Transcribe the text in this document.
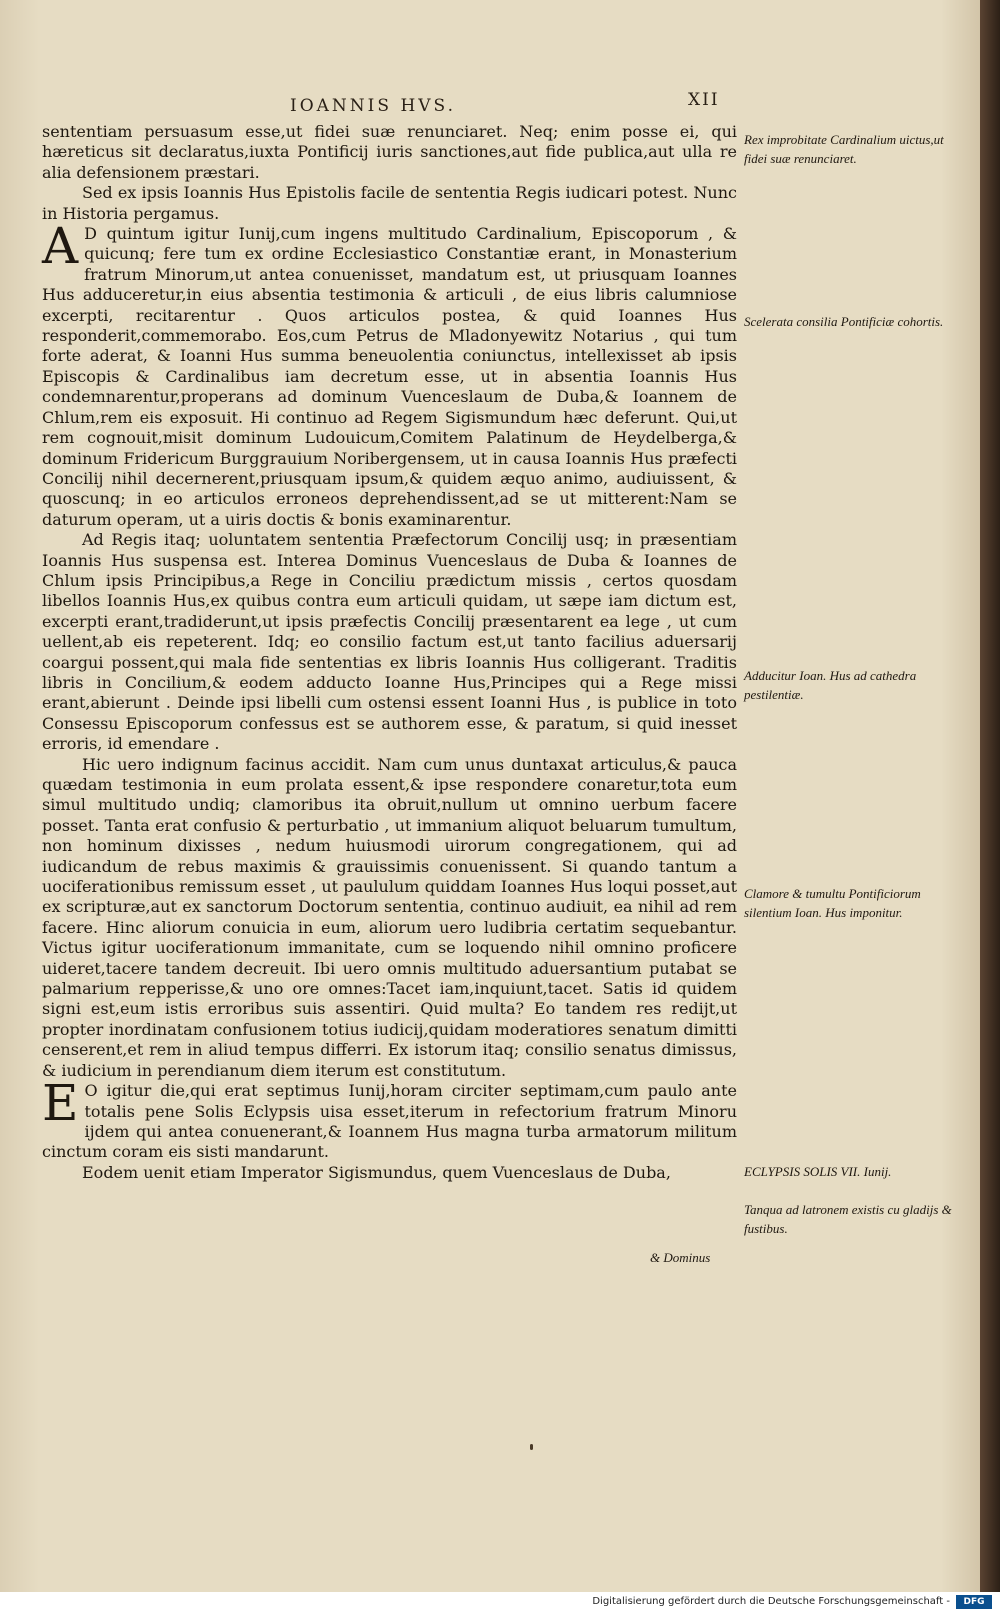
IOANNIS HVS.	XII

sententiam persuasum esse,ut fidei suæ renunciaret. Neq; enim posse ei, qui hæreticus sit declaratus,iuxta Pontificij iuris sanctiones,aut fide publica,aut ulla re alia defensionem præstari.

Sed ex ipsis Ioannis Hus Epistolis facile de sententia Regis iudicari potest. Nunc in Historia pergamus.

AD quintum igitur Iunij,cum ingens multitudo Cardinalium, Episcoporum , & quicunq; fere tum ex ordine Ecclesiastico Constantiæ erant, in Monasterium fratrum Minorum,ut antea conuenisset, mandatum est, ut priusquam Ioannes Hus adduceretur,in eius absentia testimonia & articuli , de eius libris calumniose excerpti, recitarentur . Quos articulos postea, & quid Ioannes Hus responderit,commemorabo. Eos,cum Petrus de Mladonyewitz Notarius , qui tum forte aderat, & Ioanni Hus summa beneuolentia coniunctus, intellexisset ab ipsis Episcopis & Cardinalibus iam decretum esse, ut in absentia Ioannis Hus condemnarentur,properans ad dominum Vuenceslaum de Duba,& Ioannem de Chlum,rem eis exposuit. Hi continuo ad Regem Sigismundum hæc deferunt. Qui,ut rem cognouit,misit dominum Ludouicum,Comitem Palatinum de Heydelberga,& dominum Fridericum Burggrauium Noribergensem, ut in causa Ioannis Hus præfecti Concilij nihil decernerent,priusquam ipsum,& quidem æquo animo, audiuissent, & quoscunq; in eo articulos erroneos deprehendissent,ad se ut mitterent:Nam se daturum operam, ut a uiris doctis & bonis examinarentur.

Ad Regis itaq; uoluntatem sententia Præfectorum Concilij usq; in præsentiam Ioannis Hus suspensa est. Interea Dominus Vuenceslaus de Duba & Ioannes de Chlum ipsis Principibus,a Rege in Conciliu prædictum missis , certos quosdam libellos Ioannis Hus,ex quibus contra eum articuli quidam, ut sæpe iam dictum est, excerpti erant,tradiderunt,ut ipsis præfectis Concilij præsentarent ea lege , ut cum uellent,ab eis repeterent. Idq; eo consilio factum est,ut tanto facilius aduersarij coargui possent,qui mala fide sententias ex libris Ioannis Hus colligerant. Traditis libris in Concilium,& eodem adducto Ioanne Hus,Principes qui a Rege missi erant,abierunt . Deinde ipsi libelli cum ostensi essent Ioanni Hus , is publice in toto Consessu Episcoporum confessus est se authorem esse, & paratum, si quid inesset erroris, id emendare .

Hic uero indignum facinus accidit. Nam cum unus duntaxat articulus,& pauca quædam testimonia in eum prolata essent,& ipse respondere conaretur,tota eum simul multitudo undiq; clamoribus ita obruit,nullum ut omnino uerbum facere posset. Tanta erat confusio & perturbatio , ut immanium aliquot beluarum tumultum, non hominum dixisses , nedum huiusmodi uirorum congregationem, qui ad iudicandum de rebus maximis & grauissimis conuenissent. Si quando tantum a uociferationibus remissum esset , ut paululum quiddam Ioannes Hus loqui posset,aut ex scripturæ,aut ex sanctorum Doctorum sententia, continuo audiuit, ea nihil ad rem facere. Hinc aliorum conuicia in eum, aliorum uero ludibria certatim sequebantur. Victus igitur uociferationum immanitate, cum se loquendo nihil omnino proficere uideret,tacere tandem decreuit. Ibi uero omnis multitudo aduersantium putabat se palmarium repperisse,& uno ore omnes:Tacet iam,inquiunt,tacet. Satis id quidem signi est,eum istis erroribus suis assentiri. Quid multa? Eo tandem res redijt,ut propter inordinatam confusionem totius iudicij,quidam moderatiores senatum dimitti censerent,et rem in aliud tempus differri. Ex istorum itaq; consilio senatus dimissus, & iudicium in perendianum diem iterum est constitutum.

EO igitur die,qui erat septimus Iunij,horam circiter septimam,cum paulo ante totalis pene Solis Eclypsis uisa esset,iterum in refectorium fratrum Minoru ijdem qui antea conuenerant,& Ioannem Hus magna turba armatorum militum cinctum coram eis sisti mandarunt.

Eodem uenit etiam Imperator Sigismundus, quem Vuenceslaus de Duba,

Rex improbitate Cardinalium uictus,ut fidei suæ renunciaret.

Scelerata consilia Pontificiæ cohortis.

Adducitur Ioan. Hus ad cathedra pestilentiæ.

Clamore & tumultu Pontificiorum silentium Ioan. Hus imponitur.

ECLYPSIS SOLIS VII. Iunij.

Tanqua ad latronem existis cu gladijs & fustibus.

& Dominus
Digitalisierung gefördert durch die Deutsche Forschungsgemeinschaft -	DFG
